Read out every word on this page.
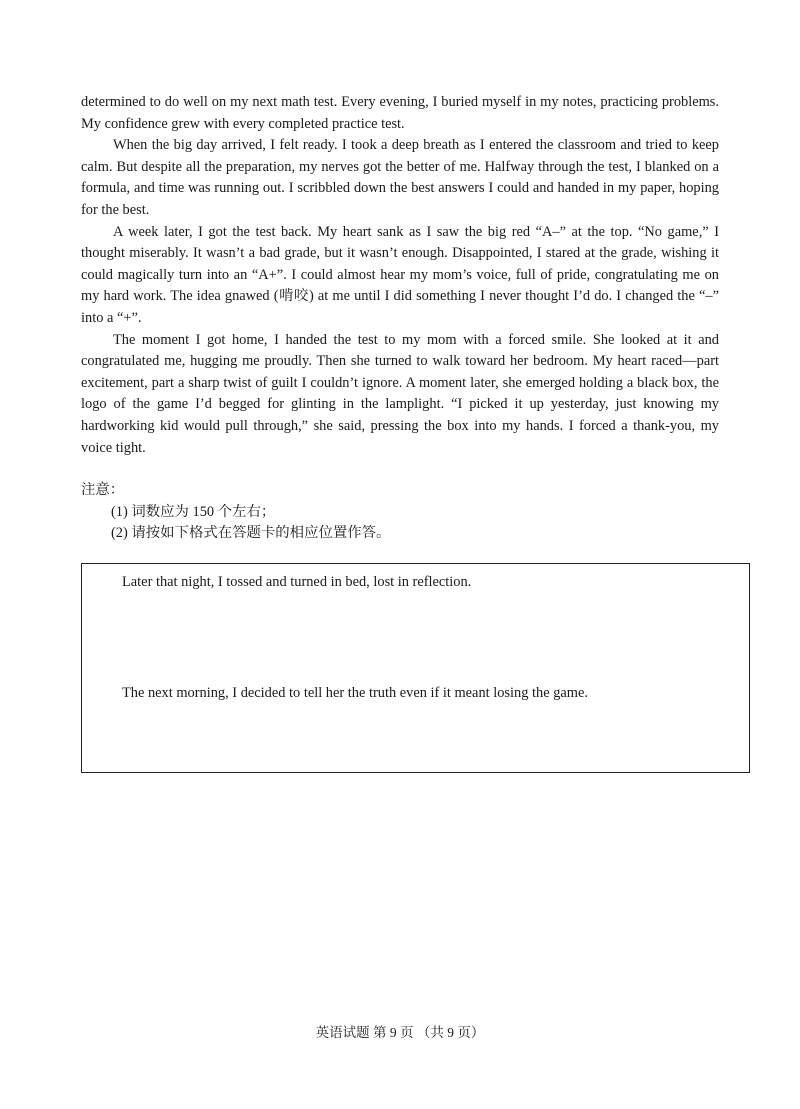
determined to do well on my next math test. Every evening, I buried myself in my notes, practicing problems. My confidence grew with every completed practice test.

When the big day arrived, I felt ready. I took a deep breath as I entered the classroom and tried to keep calm. But despite all the preparation, my nerves got the better of me. Halfway through the test, I blanked on a formula, and time was running out. I scribbled down the best answers I could and handed in my paper, hoping for the best.

A week later, I got the test back. My heart sank as I saw the big red “A–” at the top. “No game,” I thought miserably. It wasn’t a bad grade, but it wasn’t enough. Disappointed, I stared at the grade, wishing it could magically turn into an “A+”. I could almost hear my mom’s voice, full of pride, congratulating me on my hard work. The idea gnawed (啃咬) at me until I did something I never thought I’d do. I changed the “–” into a “+”.

The moment I got home, I handed the test to my mom with a forced smile. She looked at it and congratulated me, hugging me proudly. Then she turned to walk toward her bedroom. My heart raced—part excitement, part a sharp twist of guilt I couldn’t ignore. A moment later, she emerged holding a black box, the logo of the game I’d begged for glinting in the lamplight. “I picked it up yesterday, just knowing my hardworking kid would pull through,” she said, pressing the box into my hands. I forced a thank-you, my voice tight.

注意：
(1) 词数应为 150 个左右；
(2) 请按如下格式在答题卡的相应位置作答。
Later that night, I tossed and turned in bed, lost in reflection.
The next morning, I decided to tell her the truth even if it meant losing the game.
英语试题 第 9 页 （共 9 页）
